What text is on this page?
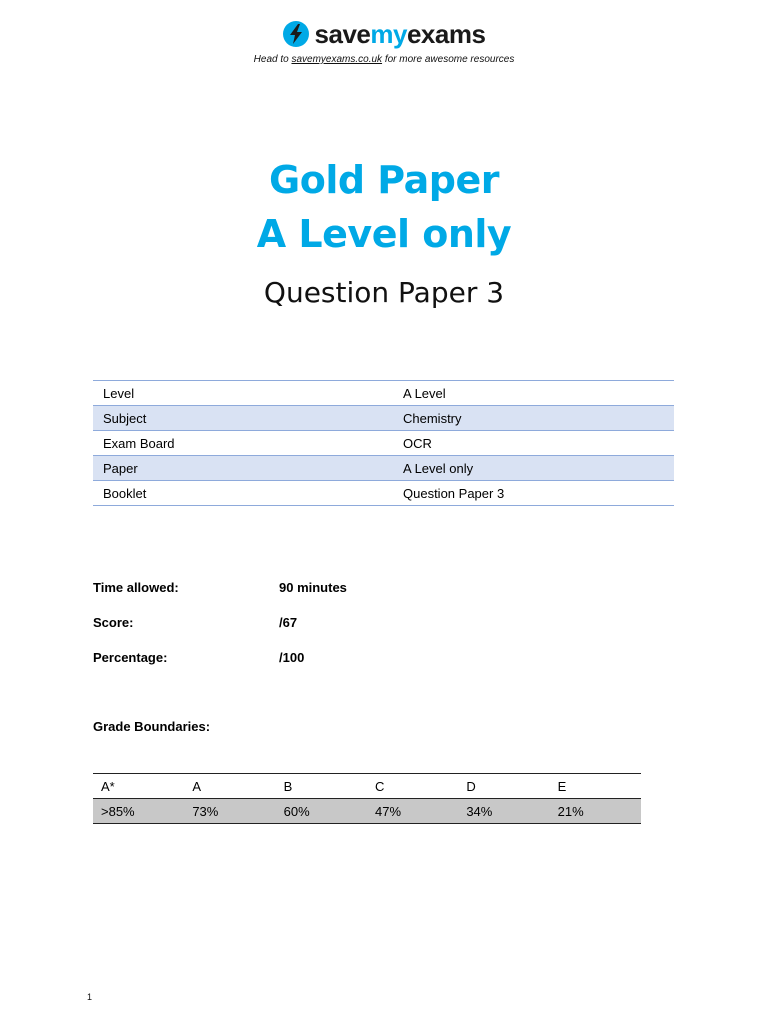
savemyexams
Head to savemyexams.co.uk for more awesome resources
Gold Paper
A Level only
Question Paper 3
Level	A Level
Subject	Chemistry
Exam Board	OCR
Paper	A Level only
Booklet	Question Paper 3
Time allowed:	90 minutes
Score:	/67
Percentage:	/100
Grade Boundaries:
A*	A	B	C	D	E
>85%	73%	60%	47%	34%	21%
1
